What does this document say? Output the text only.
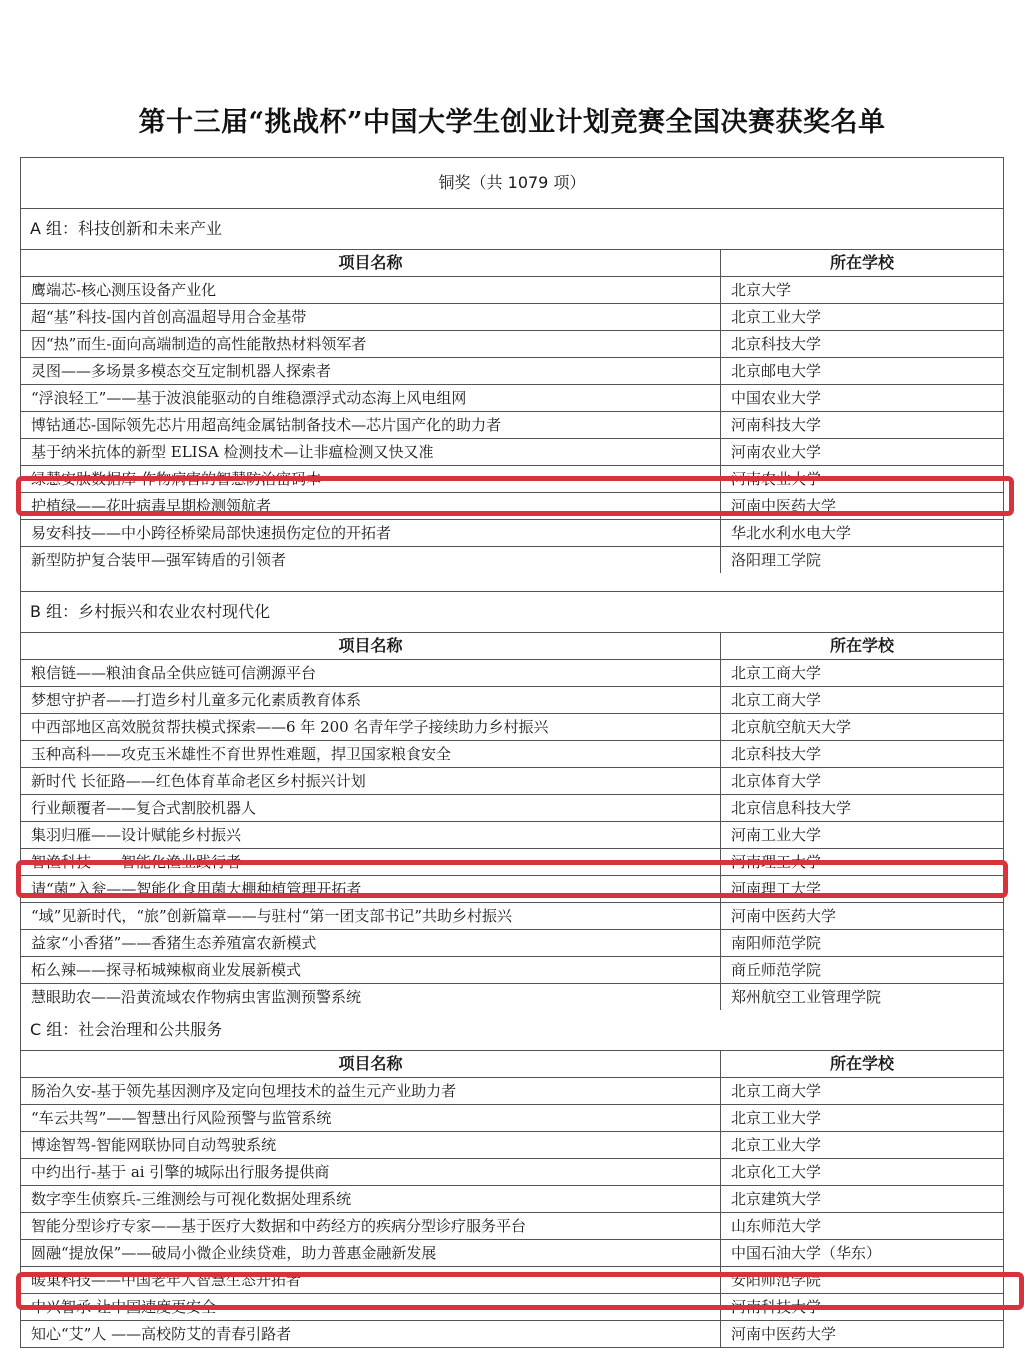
第十三届“挑战杯”中国大学生创业计划竞赛全国决赛获奖名单
铜奖（共 1079 项）
A 组：科技创新和未来产业
项目名称	所在学校
鹰端芯-核心测压设备产业化	北京大学
超“基”科技-国内首创高温超导用合金基带	北京工业大学
因“热”而生-面向高端制造的高性能散热材料领军者	北京科技大学
灵图——多场景多模态交互定制机器人探索者	北京邮电大学
“浮浪轻工”——基于波浪能驱动的自维稳漂浮式动态海上风电组网	中国农业大学
博钴通芯-国际领先芯片用超高纯金属钴制备技术—芯片国产化的助力者	河南科技大学
基于纳米抗体的新型 ELISA 检测技术—让非瘟检测又快又准	河南农业大学
绿慧安肽数据库-作物病害的智慧防治密码本	河南农业大学
护植绿——花叶病毒早期检测领航者	河南中医药大学
易安科技——中小跨径桥梁局部快速损伤定位的开拓者	华北水利水电大学
新型防护复合装甲—强军铸盾的引领者	洛阳理工学院
B 组：乡村振兴和农业农村现代化
项目名称	所在学校
粮信链——粮油食品全供应链可信溯源平台	北京工商大学
梦想守护者——打造乡村儿童多元化素质教育体系	北京工商大学
中西部地区高效脱贫帮扶模式探索——6 年 200 名青年学子接续助力乡村振兴	北京航空航天大学
玉种高科——攻克玉米雄性不育世界性难题，捍卫国家粮食安全	北京科技大学
新时代 长征路——红色体育革命老区乡村振兴计划	北京体育大学
行业颠覆者——复合式割胶机器人	北京信息科技大学
集羽归雁——设计赋能乡村振兴	河南工业大学
智渔科技——智能化渔业践行者	河南理工大学
请“菌”入瓮——智能化食用菌大棚种植管理开拓者	河南理工大学
“域”见新时代，“旅”创新篇章——与驻村“第一团支部书记”共助乡村振兴	河南中医药大学
益家“小香猪”——香猪生态养殖富农新模式	南阳师范学院
柘么辣——探寻柘城辣椒商业发展新模式	商丘师范学院
慧眼助农——沿黄流域农作物病虫害监测预警系统	郑州航空工业管理学院
C 组：社会治理和公共服务
项目名称	所在学校
肠治久安-基于领先基因测序及定向包埋技术的益生元产业助力者	北京工商大学
“车云共驾”——智慧出行风险预警与监管系统	北京工业大学
博途智驾-智能网联协同自动驾驶系统	北京工业大学
中约出行-基于 ai 引擎的城际出行服务提供商	北京化工大学
数字孪生侦察兵-三维测绘与可视化数据处理系统	北京建筑大学
智能分型诊疗专家——基于医疗大数据和中药经方的疾病分型诊疗服务平台	山东师范大学
圆融“提放保”——破局小微企业续贷难，助力普惠金融新发展	中国石油大学（华东）
暖巢科技——中国老年人智慧生态开拓者	安阳师范学院
中兴智承-让中国速度更安全	河南科技大学
知心“艾”人 ——高校防艾的青春引路者	河南中医药大学
